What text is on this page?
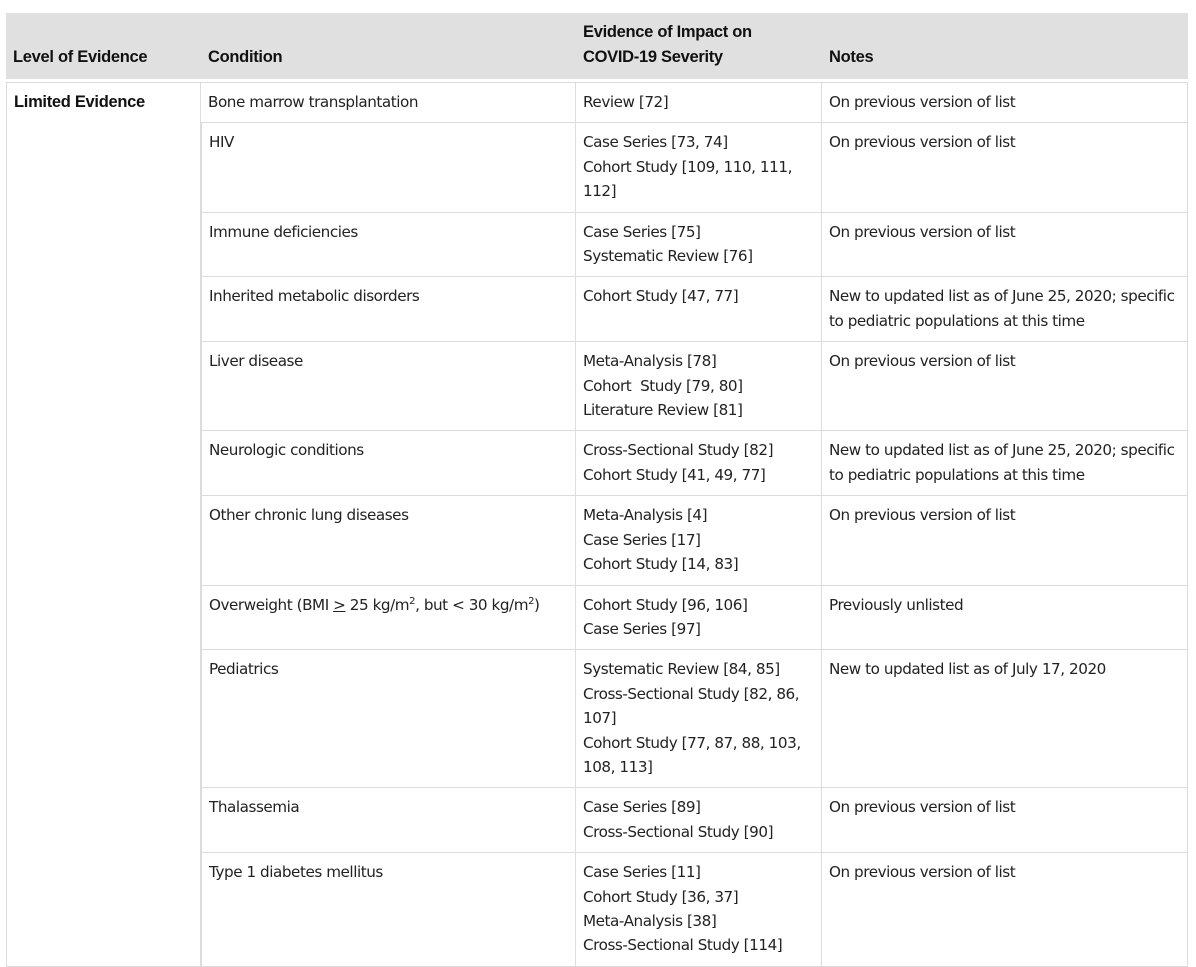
Level of Evidence	Condition	Evidence of Impact on
COVID-19 Severity	Notes

Limited Evidence	Bone marrow transplantation	Review [72]	On previous version of list
	HIV	Case Series [73, 74]
Cohort Study [109, 110, 111, 112]	On previous version of list
	Immune deficiencies	Case Series [75]
Systematic Review [76]	On previous version of list
	Inherited metabolic disorders	Cohort Study [47, 77]	New to updated list as of June 25, 2020; specific to pediatric populations at this time
	Liver disease	Meta-Analysis [78]
Cohort  Study [79, 80]
Literature Review [81]	On previous version of list
	Neurologic conditions	Cross-Sectional Study [82]
Cohort Study [41, 49, 77]	New to updated list as of June 25, 2020; specific to pediatric populations at this time
	Other chronic lung diseases	Meta-Analysis [4]
Case Series [17]
Cohort Study [14, 83]	On previous version of list
	Overweight (BMI ≥ 25 $kg/m^2$, but < 30 $kg/m^2$)	Cohort Study [96, 106]
Case Series [97]	Previously unlisted
	Pediatrics	Systematic Review [84, 85]
Cross-Sectional Study [82, 86, 107]
Cohort Study [77, 87, 88, 103, 108, 113]	New to updated list as of July 17, 2020
	Thalassemia	Case Series [89]
Cross-Sectional Study [90]	On previous version of list
	Type 1 diabetes mellitus	Case Series [11]
Cohort Study [36, 37]
Meta-Analysis [38]
Cross-Sectional Study [114]	On previous version of list
